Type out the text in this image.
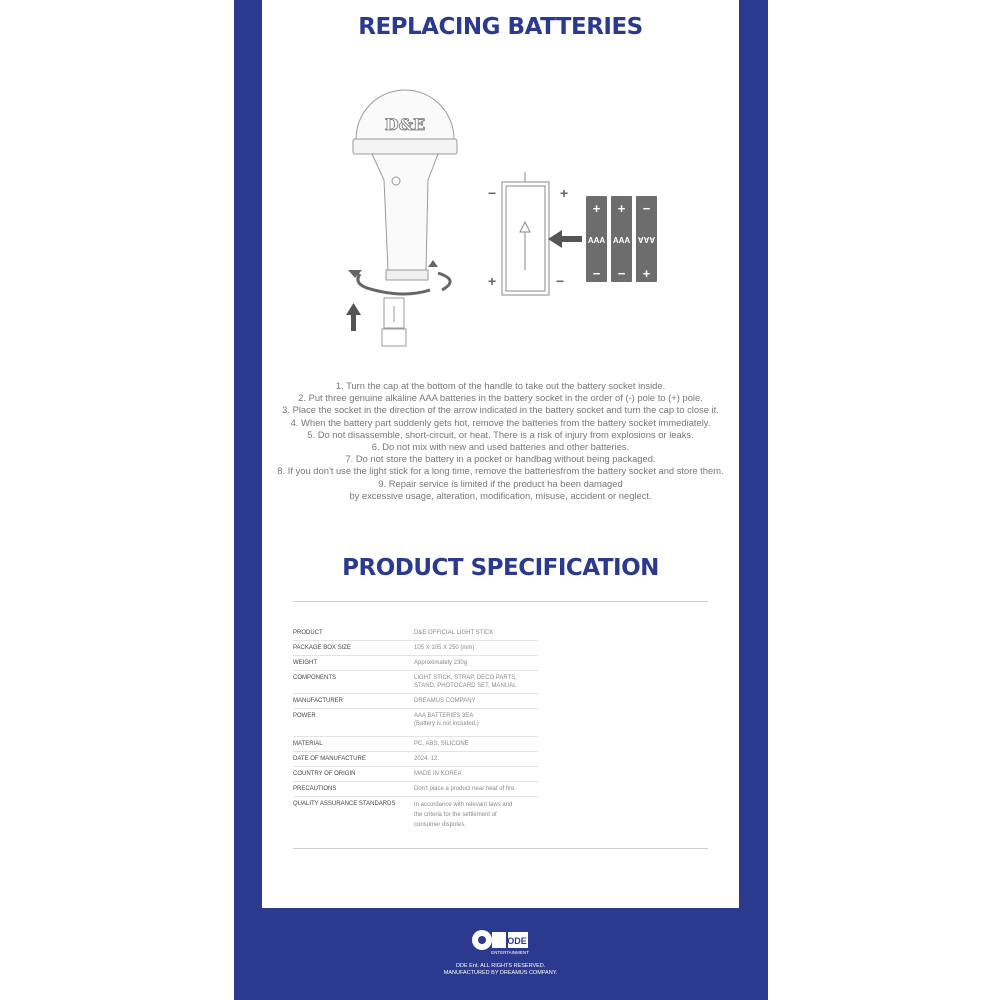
REPLACING BATTERIES
D&E
+
−
+	−
AAA AAA AAA
+ + −
− − +
1. Turn the cap at the bottom of the handle to take out the battery socket inside.
2. Put three genuine alkaline AAA batteries in the battery socket in the order of (-) pole to (+) pole.
3. Place the socket in the direction of the arrow indicated in the battery socket and turn the cap to close it.
4. When the battery part suddenly gets hot, remove the batteries from the battery socket immediately.
5. Do not disassemble, short-circuit, or heat. There is a risk of injury from explosions or leaks.
6. Do not mix with new and used batteries and other batteries.
7. Do not store the battery in a pocket or handbag without being packaged.
8. If you don't use the light stick for a long time, remove the batteriesfrom the battery socket and store them.
9. Repair service is limited if the product ha been damaged
by excessive usage, alteration, modification, misuse, accident or neglect.
PRODUCT SPECIFICATION
PRODUCT	D&E OFFICIAL LIGHT STICK
PACKAGE BOX SIZE	105 X 105 X 250 (mm)
WEIGHT	Approximately 230g
COMPONENTS	LIGHT STICK, STRAP, DECO PARTS,
STAND, PHOTOCARD SET, MANUAL
MANUFACTURER	DREAMUS COMPANY
POWER	AAA BATTERIES 3EA
(Battery is not included.)
MATERIAL	PC, ABS, SILICONE
DATE OF MANUFACTURE	2024. 12.
COUNTRY OF ORIGIN	MADE IN KOREA
PRECAUTIONS	Don't place a product near heat of fire.
QUALITY ASSURANCE STANDARDS	In accordance with relevant laws and
the criteria for the settlement of
consumer disputes.
ENTERTAINMENT
ODE
ODE Ent. ALL RIGHTS RESERVED.
MANUFACTURED BY DREAMUS COMPANY.
